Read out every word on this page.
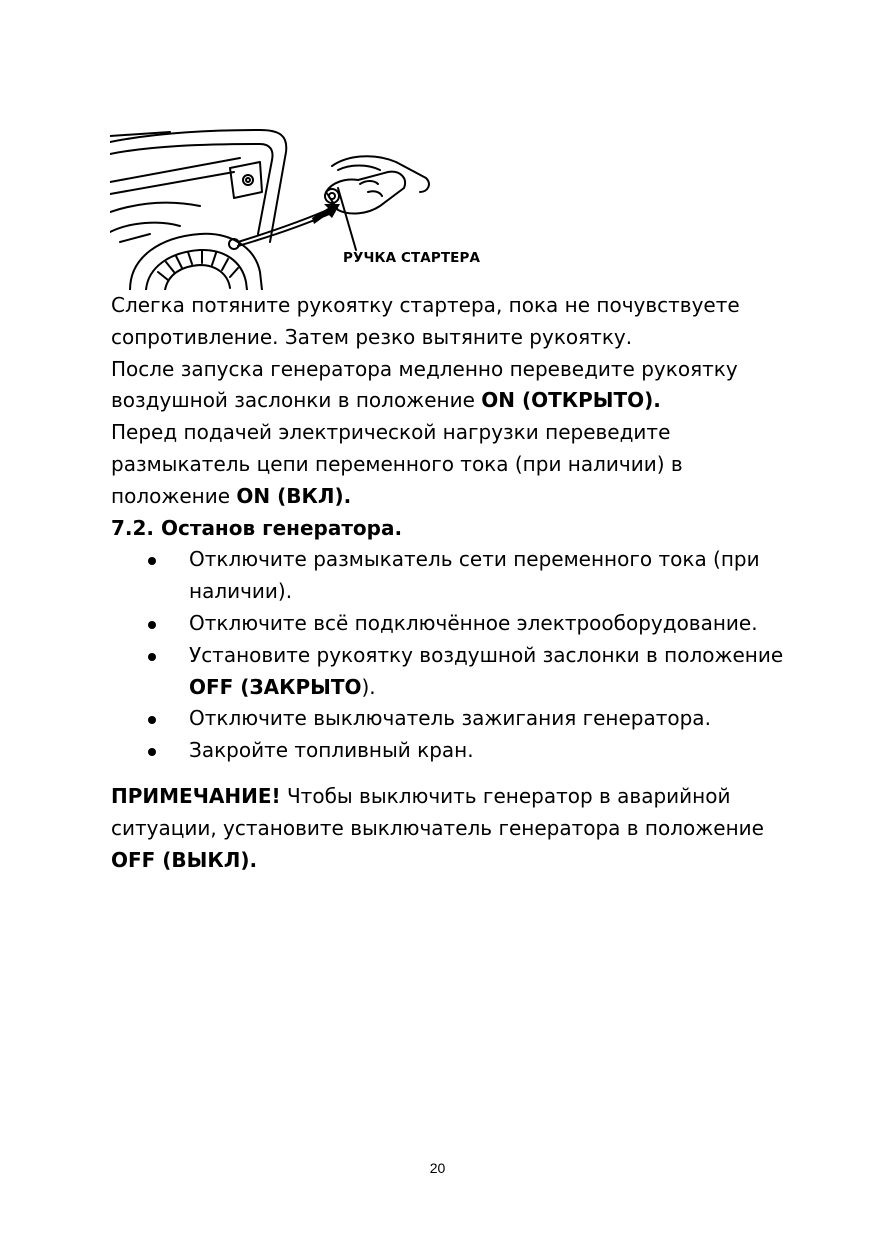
РУЧКА СТАРТЕРА

Слегка потяните рукоятку стартера, пока не почувствуете сопротивление. Затем резко вытяните рукоятку.

После запуска генератора медленно переведите рукоятку воздушной заслонки в положение ON (ОТКРЫТО).

Перед подачей электрической нагрузки переведите размыкатель цепи переменного тока (при наличии) в положение ON (ВКЛ).

7.2. Останов генератора.

Отключите размыкатель сети переменного тока (при наличии).
Отключите всё подключённое электрооборудование.
Установите рукоятку воздушной заслонки в положение OFF (ЗАКРЫТО).
Отключите выключатель зажигания генератора.
Закройте топливный кран.

ПРИМЕЧАНИЕ! Чтобы выключить генератор в аварийной ситуации, установите выключатель генератора в положение OFF (ВЫКЛ).

20
